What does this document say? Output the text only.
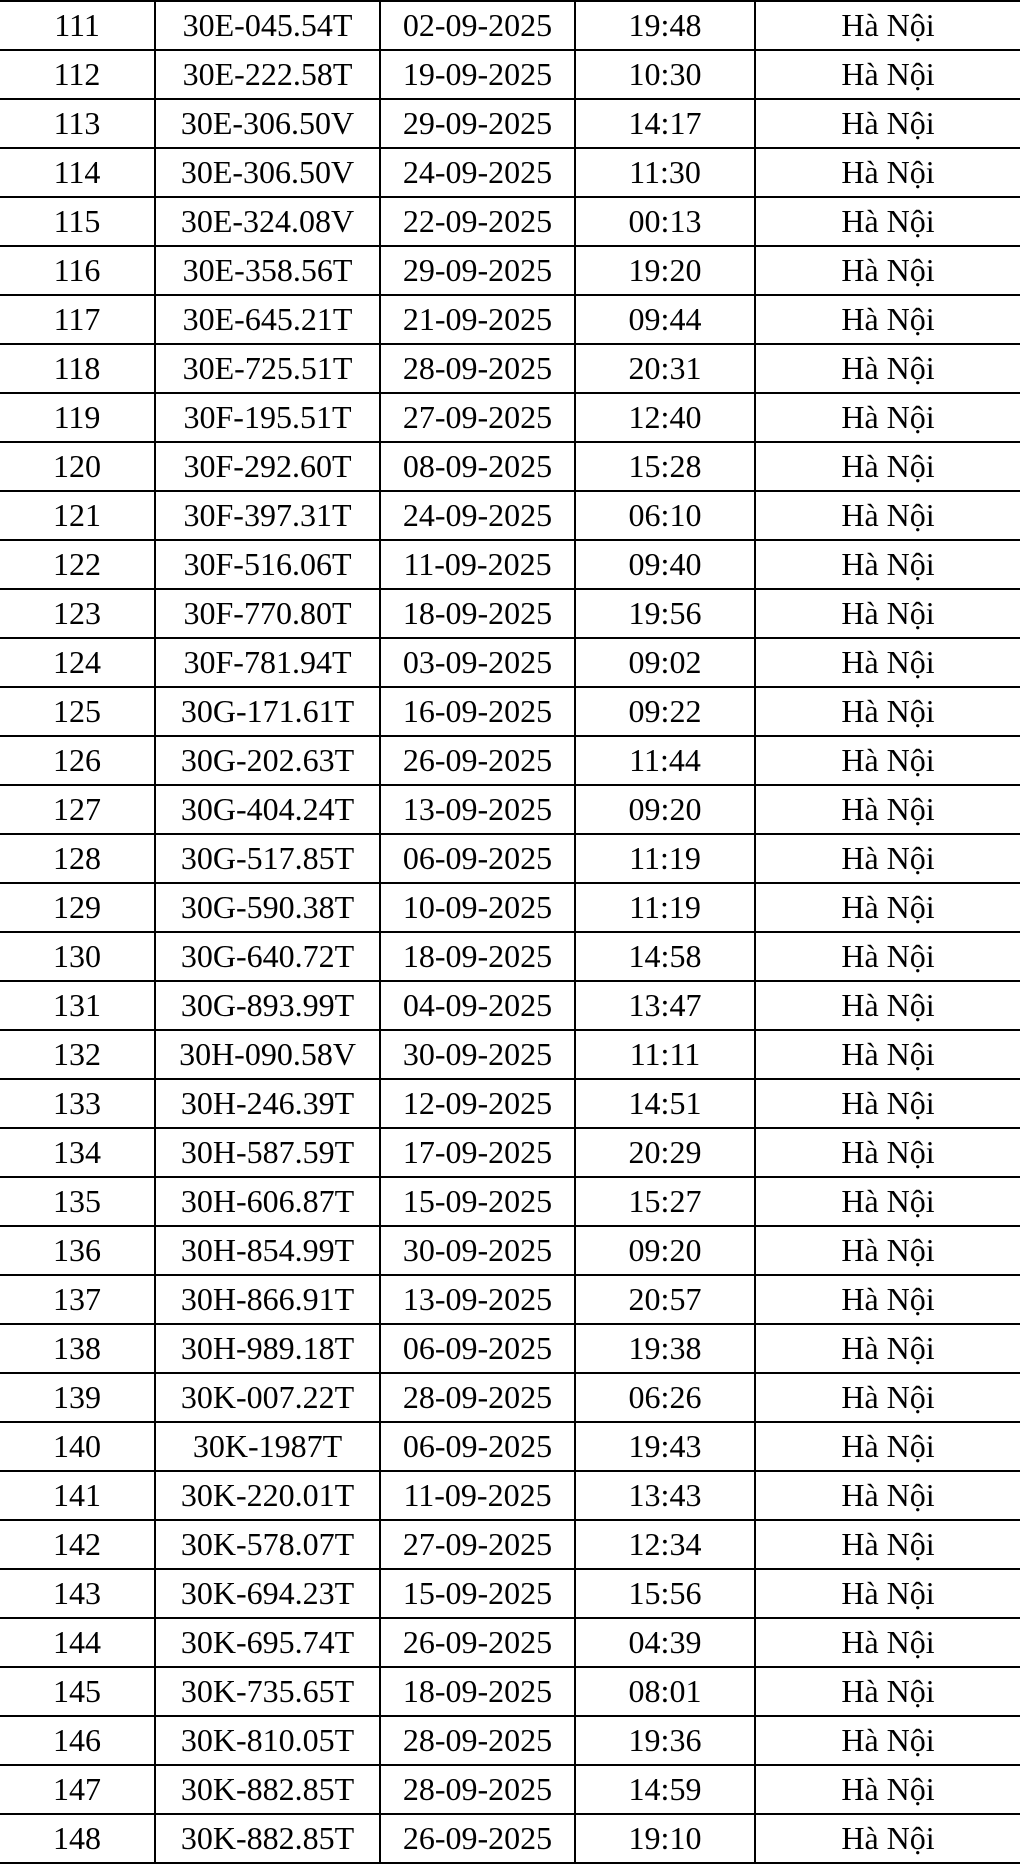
111	30E-045.54T	02-09-2025	19:48	Hà Nội
112	30E-222.58T	19-09-2025	10:30	Hà Nội
113	30E-306.50V	29-09-2025	14:17	Hà Nội
114	30E-306.50V	24-09-2025	11:30	Hà Nội
115	30E-324.08V	22-09-2025	00:13	Hà Nội
116	30E-358.56T	29-09-2025	19:20	Hà Nội
117	30E-645.21T	21-09-2025	09:44	Hà Nội
118	30E-725.51T	28-09-2025	20:31	Hà Nội
119	30F-195.51T	27-09-2025	12:40	Hà Nội
120	30F-292.60T	08-09-2025	15:28	Hà Nội
121	30F-397.31T	24-09-2025	06:10	Hà Nội
122	30F-516.06T	11-09-2025	09:40	Hà Nội
123	30F-770.80T	18-09-2025	19:56	Hà Nội
124	30F-781.94T	03-09-2025	09:02	Hà Nội
125	30G-171.61T	16-09-2025	09:22	Hà Nội
126	30G-202.63T	26-09-2025	11:44	Hà Nội
127	30G-404.24T	13-09-2025	09:20	Hà Nội
128	30G-517.85T	06-09-2025	11:19	Hà Nội
129	30G-590.38T	10-09-2025	11:19	Hà Nội
130	30G-640.72T	18-09-2025	14:58	Hà Nội
131	30G-893.99T	04-09-2025	13:47	Hà Nội
132	30H-090.58V	30-09-2025	11:11	Hà Nội
133	30H-246.39T	12-09-2025	14:51	Hà Nội
134	30H-587.59T	17-09-2025	20:29	Hà Nội
135	30H-606.87T	15-09-2025	15:27	Hà Nội
136	30H-854.99T	30-09-2025	09:20	Hà Nội
137	30H-866.91T	13-09-2025	20:57	Hà Nội
138	30H-989.18T	06-09-2025	19:38	Hà Nội
139	30K-007.22T	28-09-2025	06:26	Hà Nội
140	30K-1987T	06-09-2025	19:43	Hà Nội
141	30K-220.01T	11-09-2025	13:43	Hà Nội
142	30K-578.07T	27-09-2025	12:34	Hà Nội
143	30K-694.23T	15-09-2025	15:56	Hà Nội
144	30K-695.74T	26-09-2025	04:39	Hà Nội
145	30K-735.65T	18-09-2025	08:01	Hà Nội
146	30K-810.05T	28-09-2025	19:36	Hà Nội
147	30K-882.85T	28-09-2025	14:59	Hà Nội
148	30K-882.85T	26-09-2025	19:10	Hà Nội
